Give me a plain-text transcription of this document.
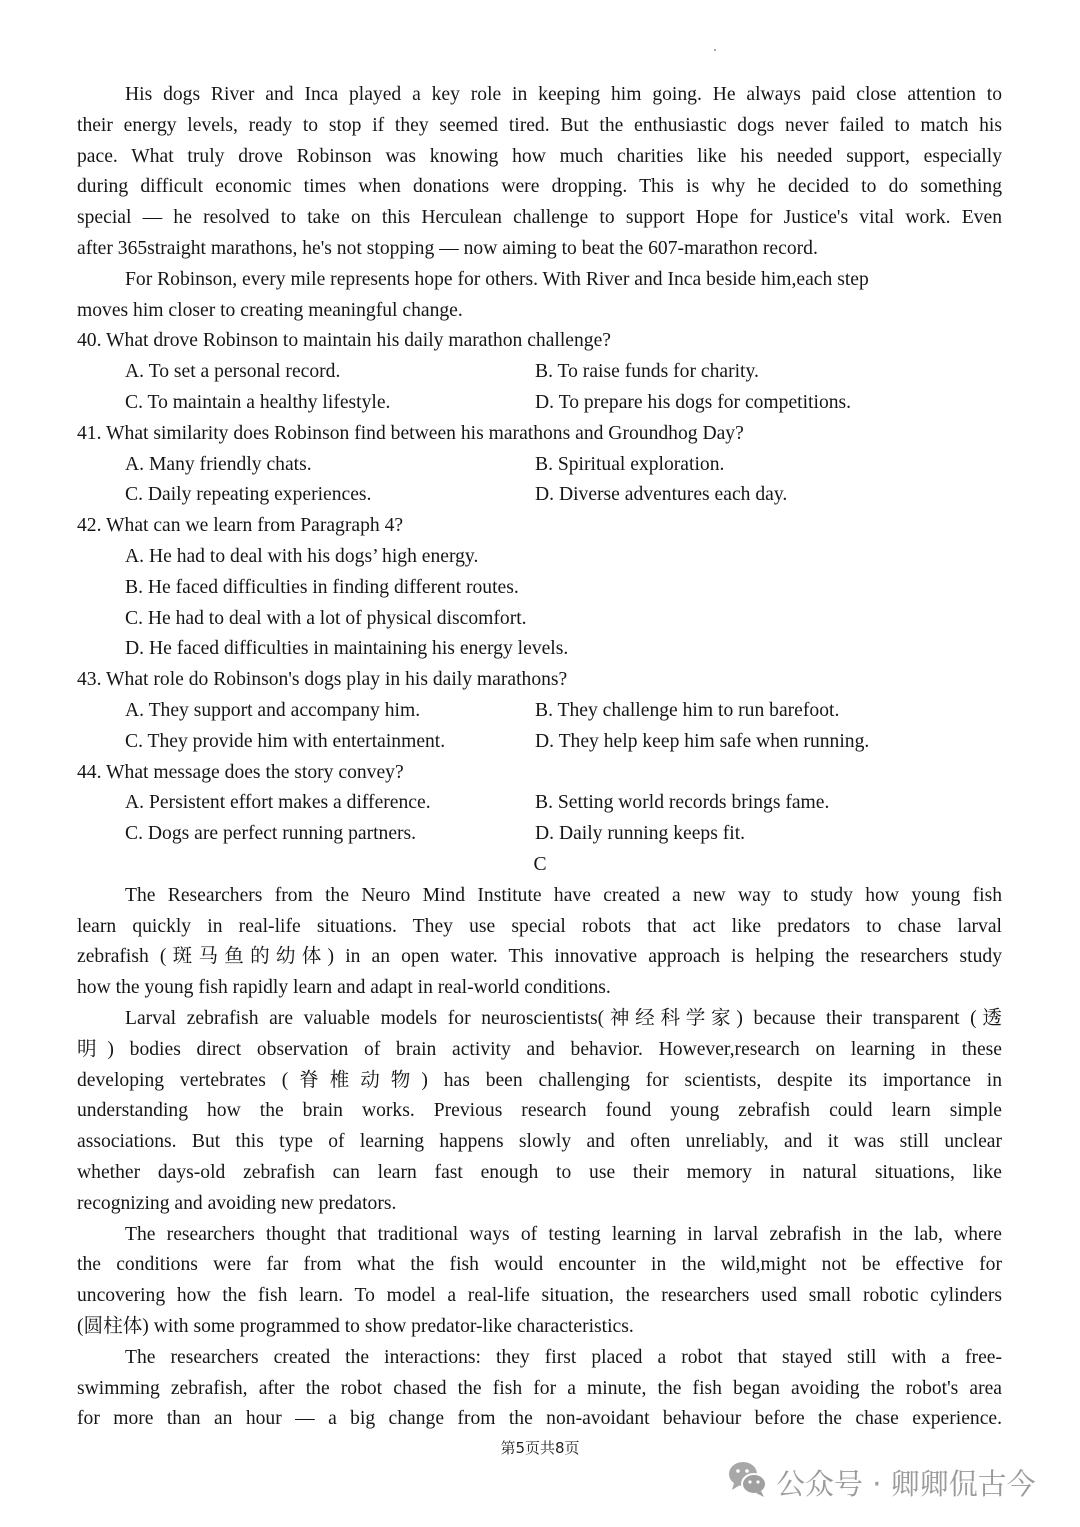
His dogs River and Inca played a key role in keeping him going. He always paid close attention to
their energy levels, ready to stop if they seemed tired. But the enthusiastic dogs never failed to match his
pace. What truly drove Robinson was knowing how much charities like his needed support, especially
during difficult economic times when donations were dropping. This is why he decided to do something
special — he resolved to take on this Herculean challenge to support Hope for Justice's vital work. Even
after 365straight marathons, he's not stopping — now aiming to beat the 607-marathon record.
For Robinson, every mile represents hope for others. With River and Inca beside him,each step
moves him closer to creating meaningful change.
40. What drove Robinson to maintain his daily marathon challenge?
A. To set a personal record.	B. To raise funds for charity.
C. To maintain a healthy lifestyle.	D. To prepare his dogs for competitions.
41. What similarity does Robinson find between his marathons and Groundhog Day?
A. Many friendly chats.	B. Spiritual exploration.
C. Daily repeating experiences.	D. Diverse adventures each day.
42. What can we learn from Paragraph 4?
A. He had to deal with his dogs’ high energy.
B. He faced difficulties in finding different routes.
C. He had to deal with a lot of physical discomfort.
D. He faced difficulties in maintaining his energy levels.
43. What role do Robinson's dogs play in his daily marathons?
A. They support and accompany him.	B. They challenge him to run barefoot.
C. They provide him with entertainment.	D. They help keep him safe when running.
44. What message does the story convey?
A. Persistent effort makes a difference.	B. Setting world records brings fame.
C. Dogs are perfect running partners.	D. Daily running keeps fit.
C
The Researchers from the Neuro Mind Institute have created a new way to study how young fish
learn quickly in real-life situations. They use special robots that act like predators to chase larval
zebrafish (斑马鱼的幼体) in an open water. This innovative approach is helping the researchers study
how the young fish rapidly learn and adapt in real-world conditions.
Larval zebrafish are valuable models for neuroscientists(神经科学家) because their transparent (透
明) bodies direct observation of brain activity and behavior. However,research on learning in these
developing vertebrates (脊椎动物) has been challenging for scientists, despite its importance in
understanding how the brain works. Previous research found young zebrafish could learn simple
associations. But this type of learning happens slowly and often unreliably, and it was still unclear
whether days-old zebrafish can learn fast enough to use their memory in natural situations, like
recognizing and avoiding new predators.
The researchers thought that traditional ways of testing learning in larval zebrafish in the lab, where
the conditions were far from what the fish would encounter in the wild,might not be effective for
uncovering how the fish learn. To model a real-life situation, the researchers used small robotic cylinders
(圆柱体) with some programmed to show predator-like characteristics.
The researchers created the interactions: they first placed a robot that stayed still with a free-
swimming zebrafish, after the robot chased the fish for a minute, the fish began avoiding the robot's area
for more than an hour — a big change from the non-avoidant behaviour before the chase experience.
第5页共8页
公众号 · 卿卿侃古今
